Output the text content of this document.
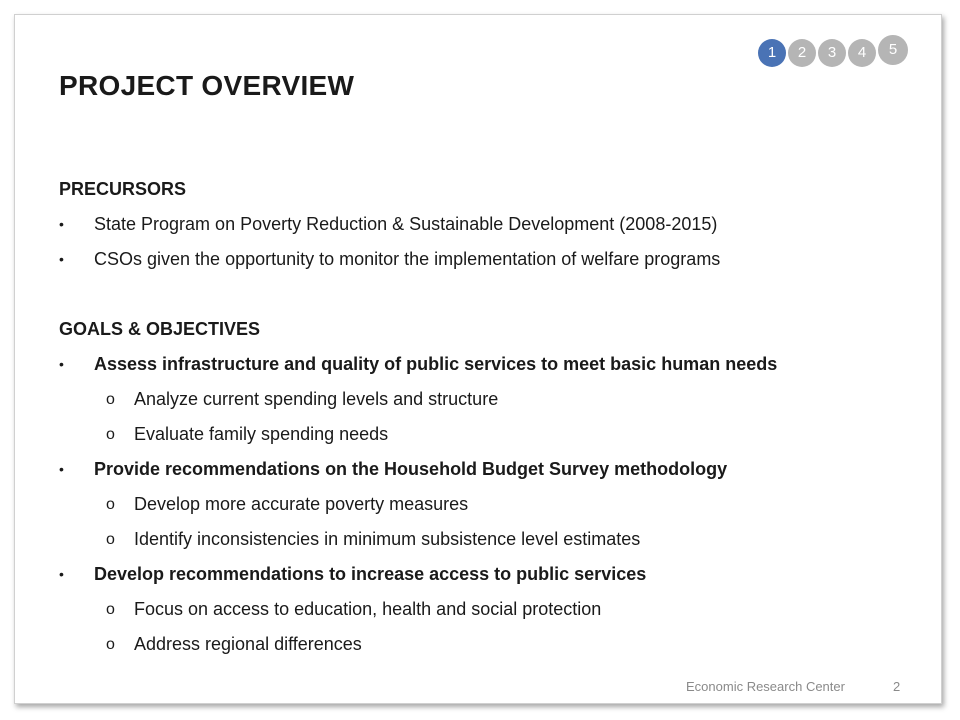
1	2	3	4	5
PROJECT OVERVIEW
PRECURSORS
• State Program on Poverty Reduction & Sustainable Development (2008-2015)
• CSOs given the opportunity to monitor the implementation of welfare programs
GOALS & OBJECTIVES
• Assess infrastructure and quality of public services to meet basic human needs
o Analyze current spending levels and structure
o Evaluate family spending needs
• Provide recommendations on the Household Budget Survey methodology
o Develop more accurate poverty measures
o Identify inconsistencies in minimum subsistence level estimates
• Develop recommendations to increase access to public services
o Focus on access to education, health and social protection
o Address regional differences
Economic Research Center	2
